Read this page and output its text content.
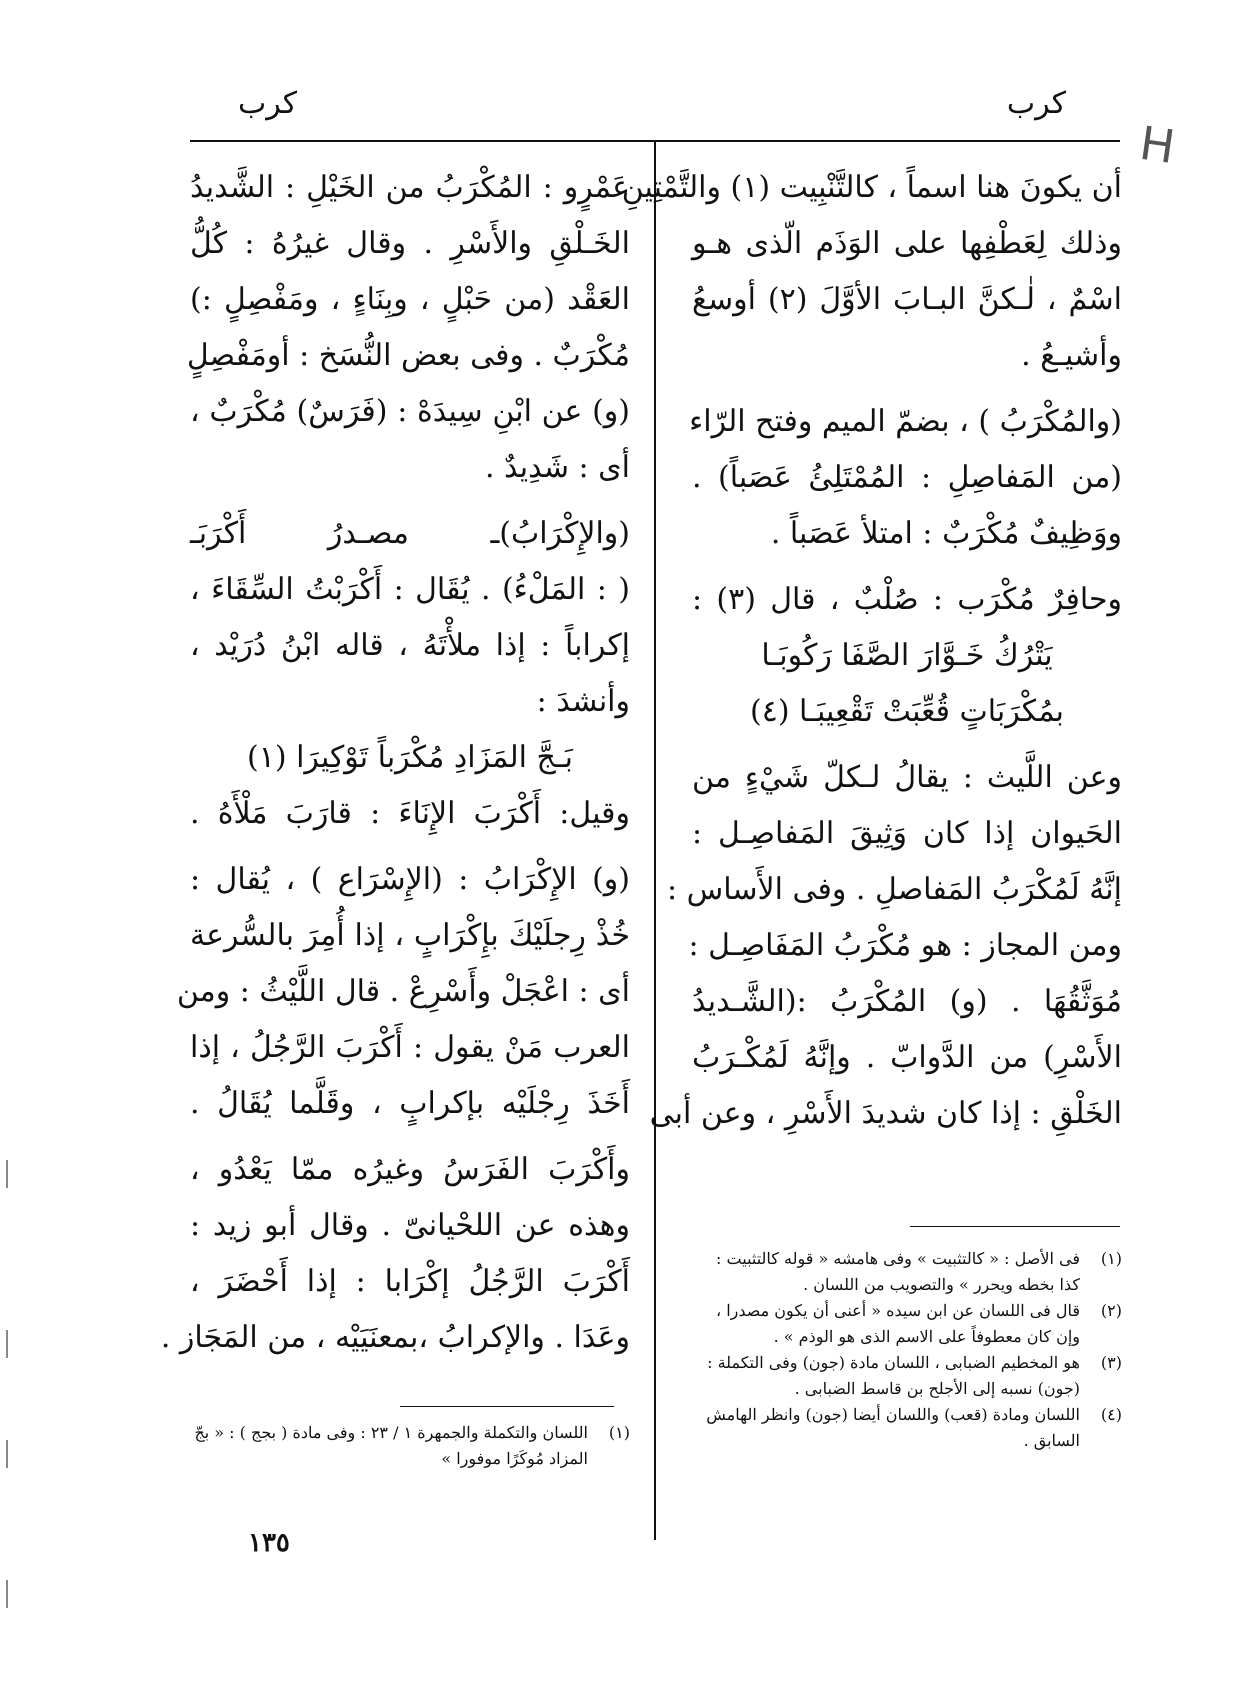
كرب
كرب
H
أن يكونَ هنا اسماً ، كالتَّنْبِيت (١) والتَّمْتِينِ
وذلك لِعَطْفِها على الوَذَم الّذى هـو
اسْمٌ ، لٰـكنَّ البـابَ الأوَّلَ (٢) أوسعُ
وأشيـعُ .
(والمُكْرَبُ ) ، بضمّ الميم وفتح الرّاء
(من المَفاصِلِ : المُمْتَلِئُ عَصَباً) .
ووَظِيفٌ مُكْرَبٌ : امتلأ عَصَباً .
وحافِرٌ مُكْرَب : صُلْبٌ ، قال (٣) :
يَتْرُكُ خَـوَّارَ الصَّفَا رَكُوبَـا
بمُكْرَبَاتٍ قُعِّبَتْ تَقْعِيبَـا (٤)
وعن اللَّيث : يقالُ لـكلّ شَيْءٍ من
الحَيوان إذا كان وَثِيقَ المَفاصِـل :
إنَّهُ لَمُكْرَبُ المَفاصلِ . وفى الأَساس :
ومن المجاز : هو مُكْرَبُ المَفَاصِـل :
مُوَثَّقُهَا . (و) المُكْرَبُ :(الشَّـديدُ
الأَسْرِ) من الدَّوابّ . وإنَّهُ لَمُكْـرَبُ
الخَلْقِ : إذا كان شديدَ الأَسْرِ ، وعن أبى
(١)
فى الأصل : « كالتثبيت » وفى هامشه « قوله كالتثبيت : كذا بخطه ويحرر » والتصويب من اللسان .
(٢)
قال فى اللسان عن ابن سيده « أعنى أن يكون مصدرا ، وإن كان معطوفاً على الاسم الذى هو الوذم » .
(٣)
هو المخطيم الضبابى ، اللسان مادة (جون) وفى التكملة : (جون) نسبه إلى الأجلح بن قاسط الضبابى .
(٤)
اللسان ومادة (قعب) واللسان أيضا (جون) وانظر الهامش السابق .
عَمْرٍو : المُكْرَبُ من الخَيْلِ : الشَّديدُ
الخَـلْقِ والأَسْرِ . وقال غيرُهُ : كُلُّ
العَقْد (من حَبْلٍ ، وبِنَاءٍ ، ومَفْصِلٍ :)
مُكْرَبٌ . وفى بعض النُّسَخ : أومَفْصِلٍ
(و) عن ابْنِ سِيدَهْ : (فَرَسٌ) مُكْرَبٌ ،
أى : شَدِيدٌ .
(والإِكْرَابُ)ـ مصـدرُ أَكْرَبَـ
( : المَلْءُ) . يُقَال : أَكْرَبْتُ السِّقَاءَ ،
إكراباً : إذا ملأْتَهُ ، قاله ابْنُ دُرَيْد ،
وأنشدَ :
بَـجَّ المَزَادِ مُكْرَباً تَوْكِيرَا (١)
وقيل: أَكْرَبَ الإِنَاءَ : قارَبَ مَلْأَهُ .
(و) الإِكْرَابُ : (الإِسْرَاع ) ، يُقال :
خُذْ رِجلَيْكَ بإِكْرَابٍ ، إذا أُمِرَ بالسُّرعة
أى : اعْجَلْ وأَسْرِعْ . قال اللَّيْثُ : ومن
العرب مَنْ يقول : أَكْرَبَ الرَّجُلُ ، إذا
أَخَذَ رِجْلَيْه بإكرابٍ ، وقَلَّما يُقَالُ .
وأَكْرَبَ الفَرَسُ وغيرُه ممّا يَعْدُو ،
وهذه عن اللحْيانىّ . وقال أبو زيد :
أَكْرَبَ الرَّجُلُ إكْرَابا : إذا أَحْضَرَ ،
وعَدَا . والإكرابُ ،بمعنَيَيْه ، من المَجَاز .
(١)
اللسان والتكملة والجمهرة ١ / ٢٣ : وفى مادة ( بجج ) : « بجّ المزاد مُوكَرًا موفورا »
١٣٥
